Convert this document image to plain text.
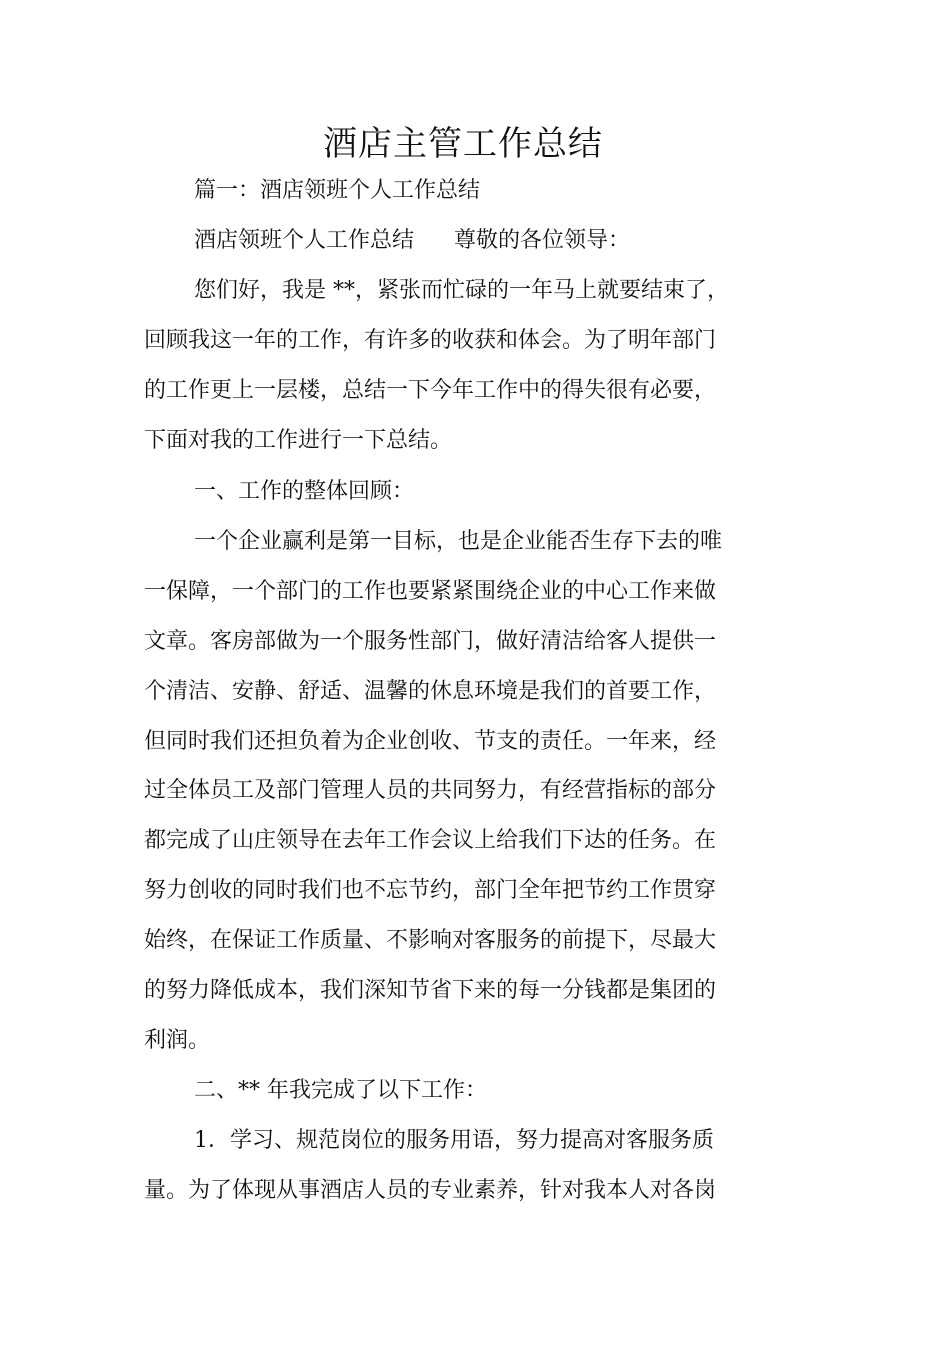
酒店主管工作总结

篇一：酒店领班个人工作总结

酒店领班个人工作总结 尊敬的各位领导：

您们好，我是 **，紧张而忙碌的一年马上就要结束了，

回顾我这一年的工作，有许多的收获和体会。为了明年部门

的工作更上一层楼，总结一下今年工作中的得失很有必要，

下面对我的工作进行一下总结。

一、工作的整体回顾：

一个企业赢利是第一目标，也是企业能否生存下去的唯

一保障，一个部门的工作也要紧紧围绕企业的中心工作来做

文章。客房部做为一个服务性部门，做好清洁给客人提供一

个清洁、安静、舒适、温馨的休息环境是我们的首要工作，

但同时我们还担负着为企业创收、节支的责任。一年来，经

过全体员工及部门管理人员的共同努力，有经营指标的部分

都完成了山庄领导在去年工作会议上给我们下达的任务。在

努力创收的同时我们也不忘节约，部门全年把节约工作贯穿

始终，在保证工作质量、不影响对客服务的前提下，尽最大

的努力降低成本，我们深知节省下来的每一分钱都是集团的

利润。

二、** 年我完成了以下工作：

1．学习、规范岗位的服务用语，努力提高对客服务质

量。为了体现从事酒店人员的专业素养，针对我本人对各岗
